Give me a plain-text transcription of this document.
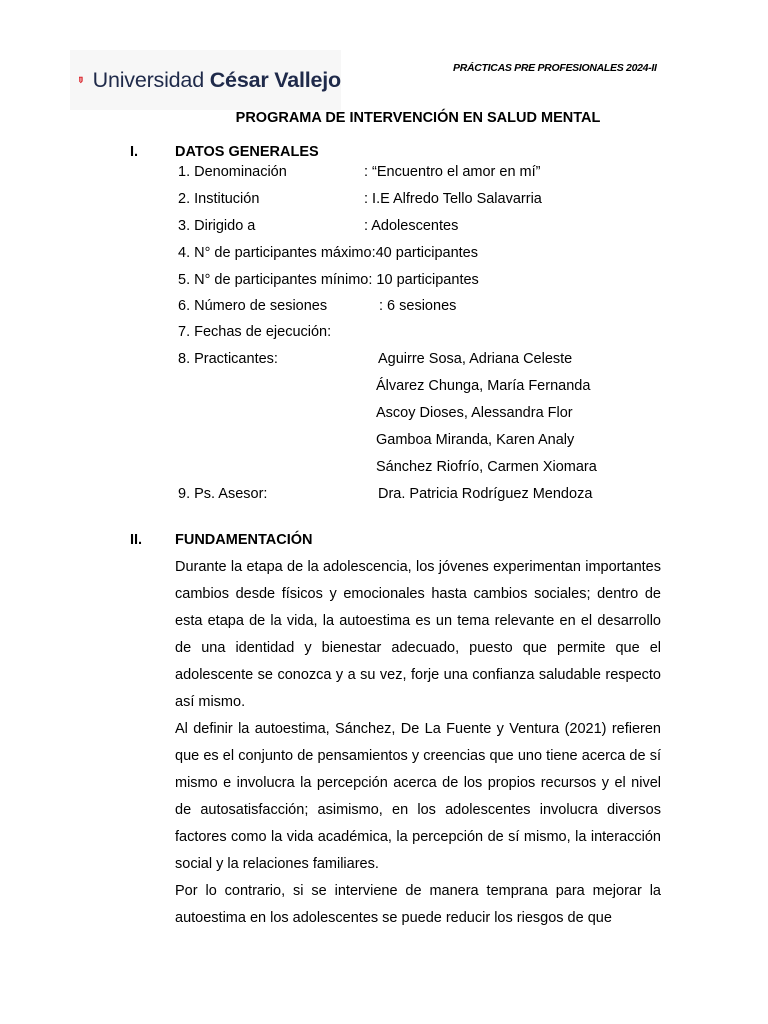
Universidad César Vallejo	PRÁCTICAS PRE PROFESIONALES 2024-II
PROGRAMA DE INTERVENCIÓN EN SALUD MENTAL
I.	DATOS GENERALES
1. Denominación	: “Encuentro el amor en mí”
2. Institución	: I.E Alfredo Tello Salavarria
3. Dirigido a	: Adolescentes
4. N° de participantes máximo:40 participantes
5. N° de participantes mínimo: 10 participantes
6. Número de sesiones	: 6 sesiones
7. Fechas de ejecución:
8. Practicantes:	Aguirre Sosa, Adriana Celeste
Álvarez Chunga, María Fernanda
Ascoy Dioses, Alessandra Flor
Gamboa Miranda, Karen Analy
Sánchez Riofrío, Carmen Xiomara
9. Ps. Asesor:	Dra. Patricia Rodríguez Mendoza
II. FUNDAMENTACIÓN

Durante la etapa de la adolescencia, los jóvenes experimentan importantes cambios desde físicos y emocionales hasta cambios sociales; dentro de esta etapa de la vida, la autoestima es un tema relevante en el desarrollo de una identidad y bienestar adecuado, puesto que permite que el adolescente se conozca y a su vez, forje una confianza saludable respecto así mismo.

Al definir la autoestima, Sánchez, De La Fuente y Ventura (2021) refieren que es el conjunto de pensamientos y creencias que uno tiene acerca de sí mismo e involucra la percepción acerca de los propios recursos y el nivel de autosatisfacción; asimismo, en los adolescentes involucra diversos factores como la vida académica, la percepción de sí mismo, la interacción social y la relaciones familiares.

Por lo contrario, si se interviene de manera temprana para mejorar la autoestima en los adolescentes se puede reducir los riesgos de que
